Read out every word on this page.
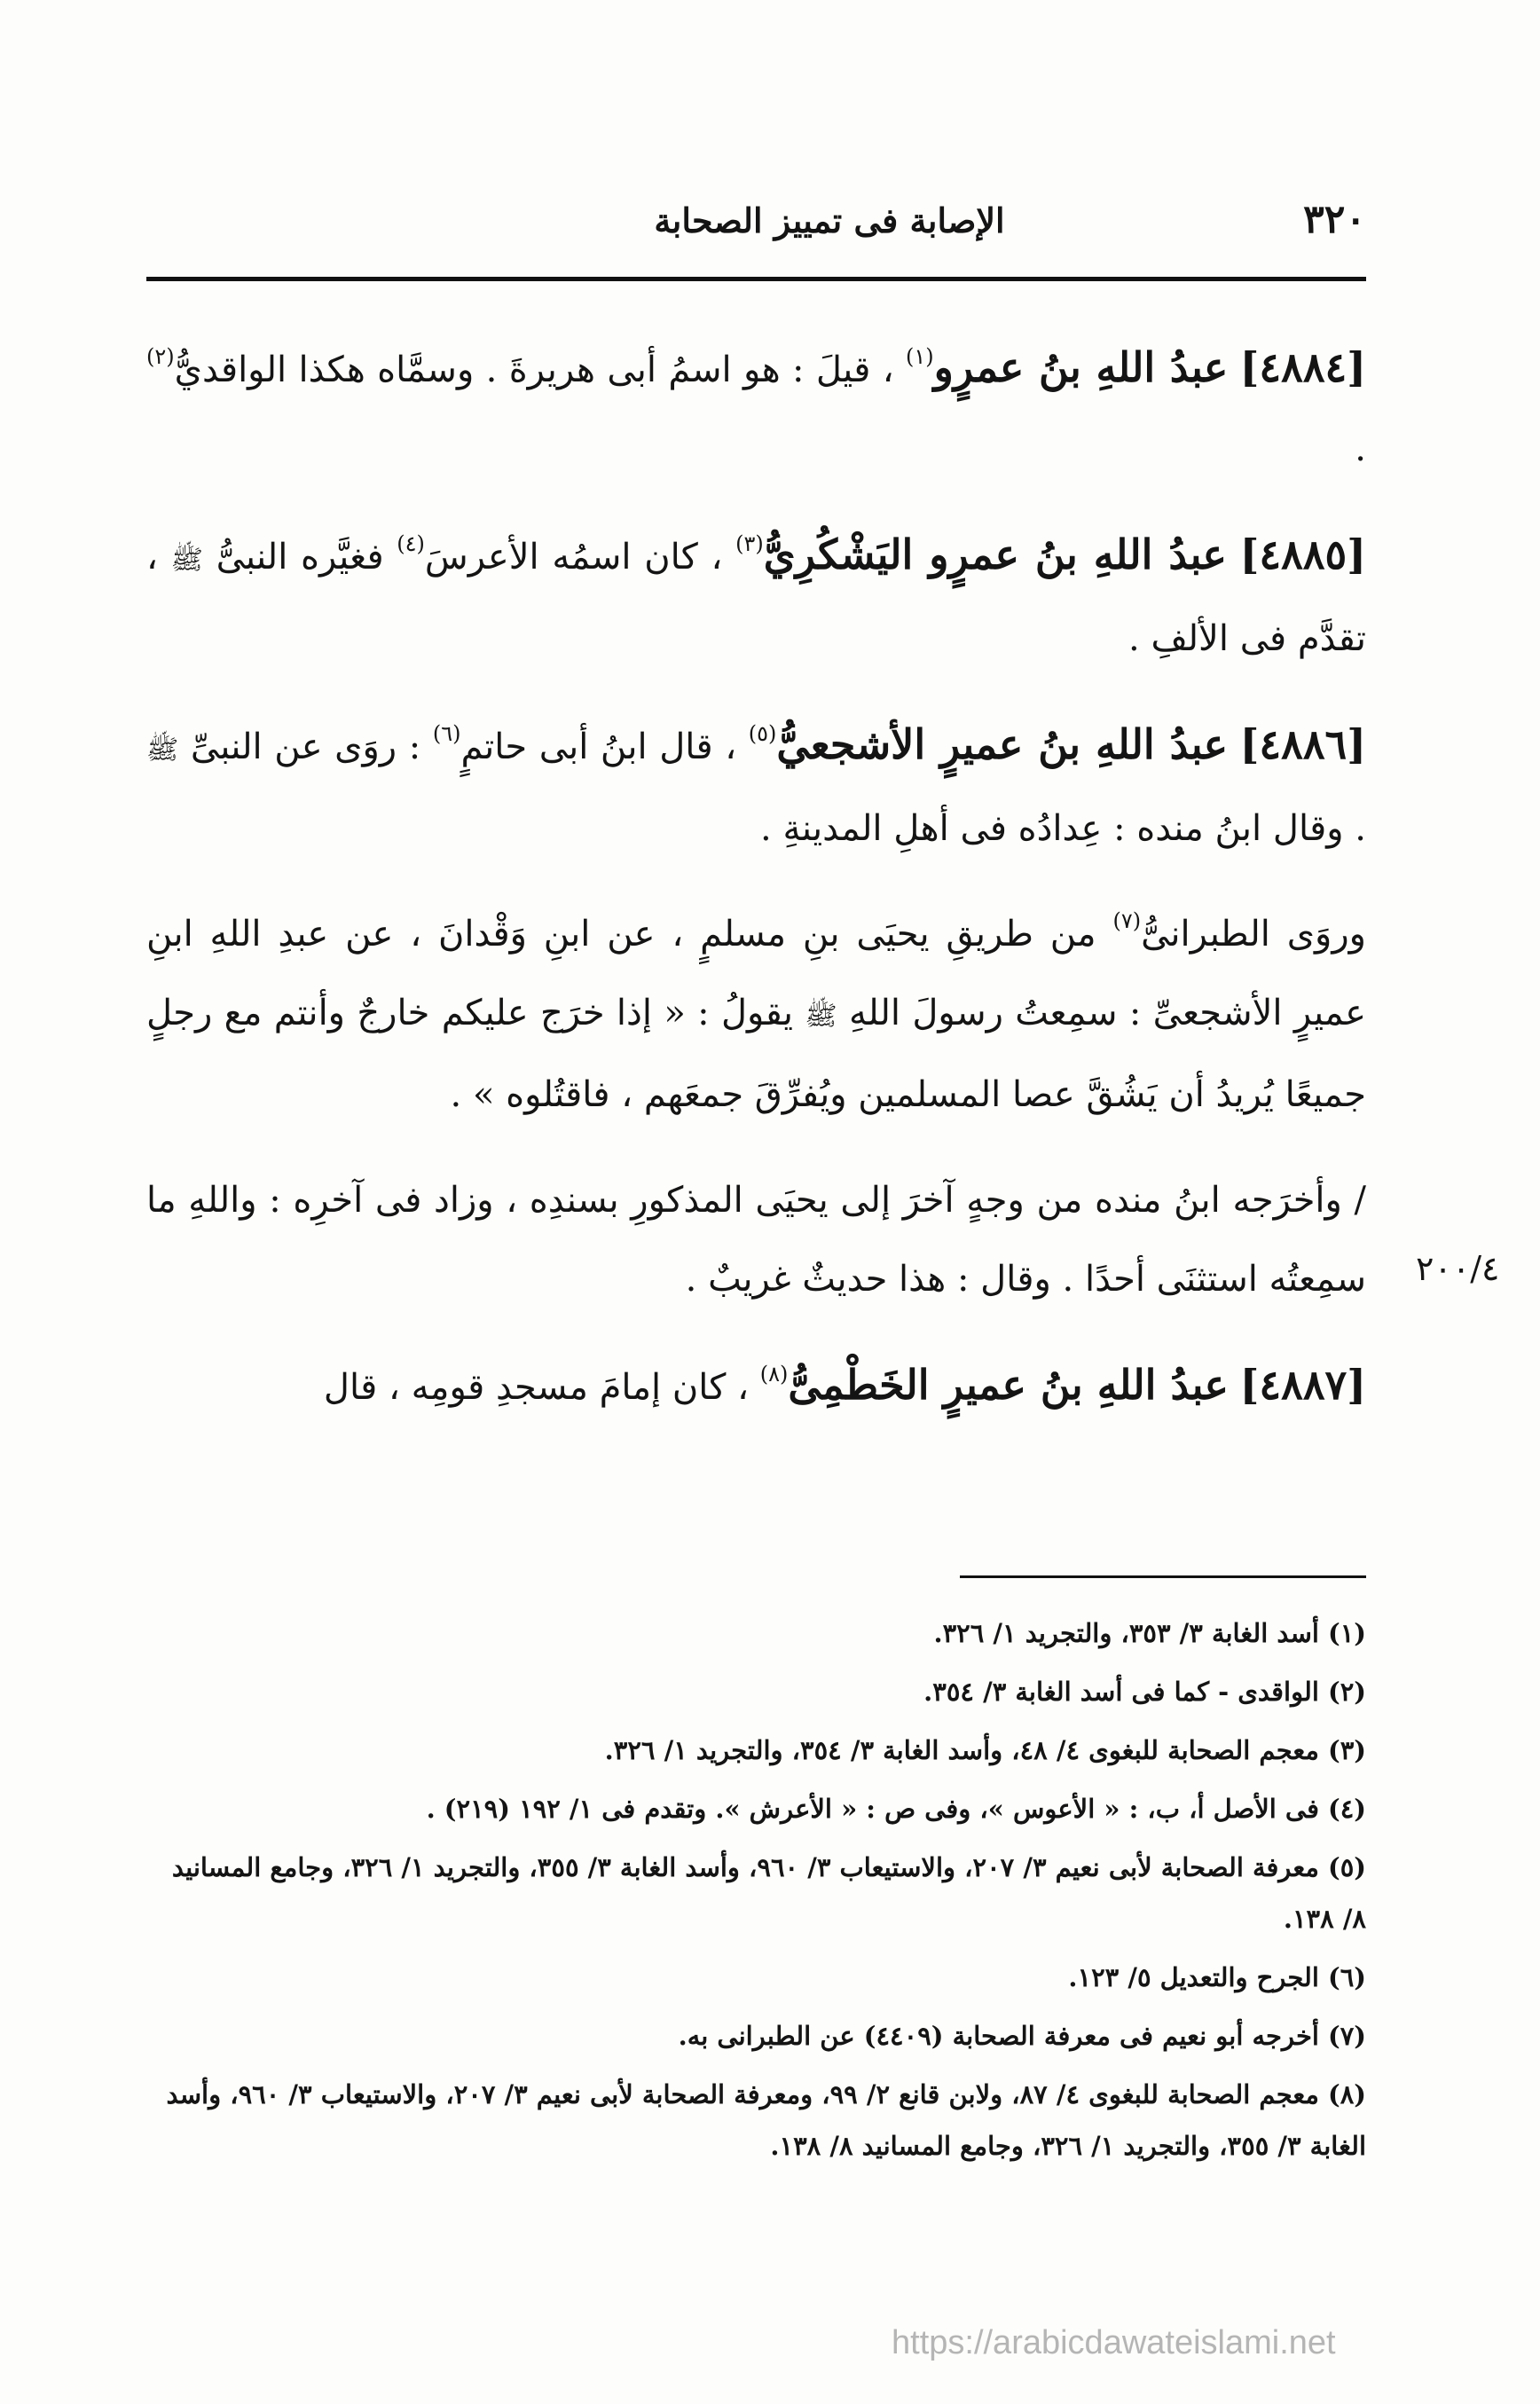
٣٢٠
الإصابة فى تمييز الصحابة
٢٠٠/٤

[٤٨٨٤] عبدُ اللهِ بنُ عمرٍو$^{(١)}$ ، قيلَ : هو اسمُ أبى هريرةَ . وسمَّاه هكذا الواقديُّ$^{(٢)}$ .

[٤٨٨٥] عبدُ اللهِ بنُ عمرٍو اليَشْكُرِيُّ$^{(٣)}$ ، كان اسمُه الأعرسَ$^{(٤)}$ فغيَّره النبىُّ ﷺ ، تقدَّم فى الألفِ .

[٤٨٨٦] عبدُ اللهِ بنُ عميرٍ الأشجعيُّ$^{(٥)}$ ، قال ابنُ أبى حاتمٍ$^{(٦)}$ : روَى عن النبىِّ ﷺ . وقال ابنُ منده : عِدادُه فى أهلِ المدينةِ .

وروَى الطبرانىُّ$^{(٧)}$ من طريقِ يحيَى بنِ مسلمٍ ، عن ابنِ وَقْدانَ ، عن عبدِ اللهِ ابنِ عميرٍ الأشجعىِّ : سمِعتُ رسولَ اللهِ ﷺ يقولُ : « إذا خرَج عليكم خارجٌ وأنتم مع رجلٍ جميعًا يُريدُ أن يَشُقَّ عصا المسلمين ويُفرِّقَ جمعَهم ، فاقتُلوه » .

/ وأخرَجه ابنُ منده من وجهٍ آخرَ إلى يحيَى المذكورِ بسندِه ، وزاد فى آخرِه : واللهِ ما سمِعتُه استثنَى أحدًا . وقال : هذا حديثٌ غريبٌ .

[٤٨٨٧] عبدُ اللهِ بنُ عميرٍ الخَطْمِىُّ$^{(٨)}$ ، كان إمامَ مسجدِ قومِه ، قال

(١)أسد الغابة ٣/ ٣٥٣، والتجريد ١/ ٣٢٦.

(٢)الواقدى - كما فى أسد الغابة ٣/ ٣٥٤.

(٣)معجم الصحابة للبغوى ٤/ ٤٨، وأسد الغابة ٣/ ٣٥٤، والتجريد ١/ ٣٢٦.

(٤)فى الأصل أ، ب، : « الأعوس »، وفى ص : « الأعرش ». وتقدم فى ١/ ١٩٢ (٢١٩) .

(٥)معرفة الصحابة لأبى نعيم ٣/ ٢٠٧، والاستيعاب ٣/ ٩٦٠، وأسد الغابة ٣/ ٣٥٥، والتجريد ١/ ٣٢٦، وجامع المسانيد ٨/ ١٣٨.

(٦)الجرح والتعديل ٥/ ١٢٣.

(٧)أخرجه أبو نعيم فى معرفة الصحابة (٤٤٠٩) عن الطبرانى به.

(٨)معجم الصحابة للبغوى ٤/ ٨٧، ولابن قانع ٢/ ٩٩، ومعرفة الصحابة لأبى نعيم ٣/ ٢٠٧، والاستيعاب ٣/ ٩٦٠، وأسد الغابة ٣/ ٣٥٥، والتجريد ١/ ٣٢٦، وجامع المسانيد ٨/ ١٣٨.

https://arabicdawateislami.net
